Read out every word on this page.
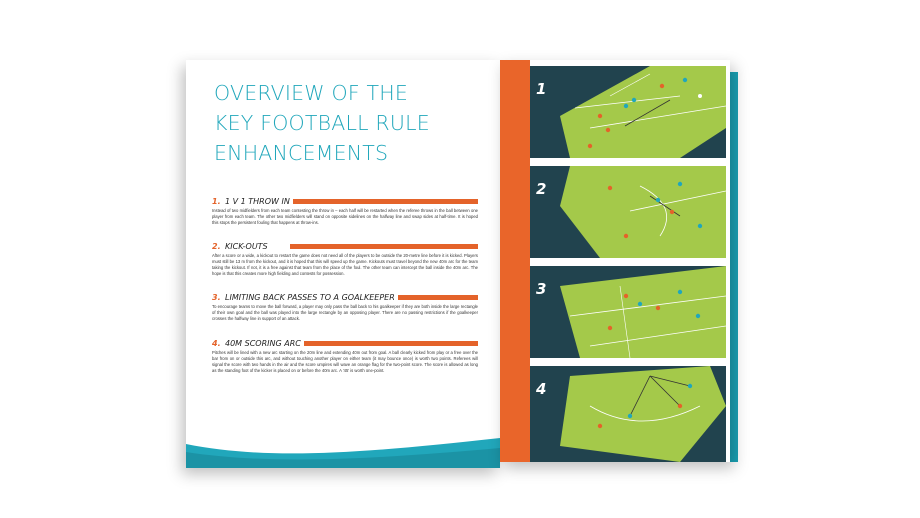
OVERVIEW OF THE
KEY FOOTBALL RULE
ENHANCEMENTS
1. 1 V 1 THROW IN
Instead of two midfielders from each team contesting the throw in – each half will be restarted when the referee throws in the ball between one player from each team. The other two midfielders will stand on opposite sidelines on the halfway line and swap sides at half-time. It is hoped this stops the persistent fouling that happens at throw-ins.
2. KICK-OUTS
After a score or a wide, a kickout to restart the game does not need all of the players to be outside the 20-metre line before it is kicked. Players must still be 13 m from the kickout, and it is hoped that this will speed up the game. Kickouts must travel beyond the new 40m arc for the team taking the kickout. If not, it is a free against that team from the place of the foul. The other team can intercept the ball inside the 40m arc. The hope is that this creates more high fielding and contests for possession.
3. LIMITING BACK PASSES TO A GOALKEEPER
To encourage teams to move the ball forward, a player may only pass the ball back to his goalkeeper if they are both inside the large rectangle of their own goal and the ball was played into the large rectangle by an opposing player. There are no passing restrictions if the goalkeeper crosses the halfway line in support of an attack.
4. 40M SCORING ARC
Pitches will be lined with a new arc starting on the 20m line and extending 40m out from goal. A ball clearly kicked from play or a free over the bar from on or outside this arc, and without touching another player on either team (it may bounce once) is worth two points. Referees will signal the score with two hands in the air and the score umpires will wave an orange flag for the two-point score. The score is allowed as long as the standing foot of the kicker is placed on or before the 40m arc. A '45' is worth one-point.
1
2
3
4
